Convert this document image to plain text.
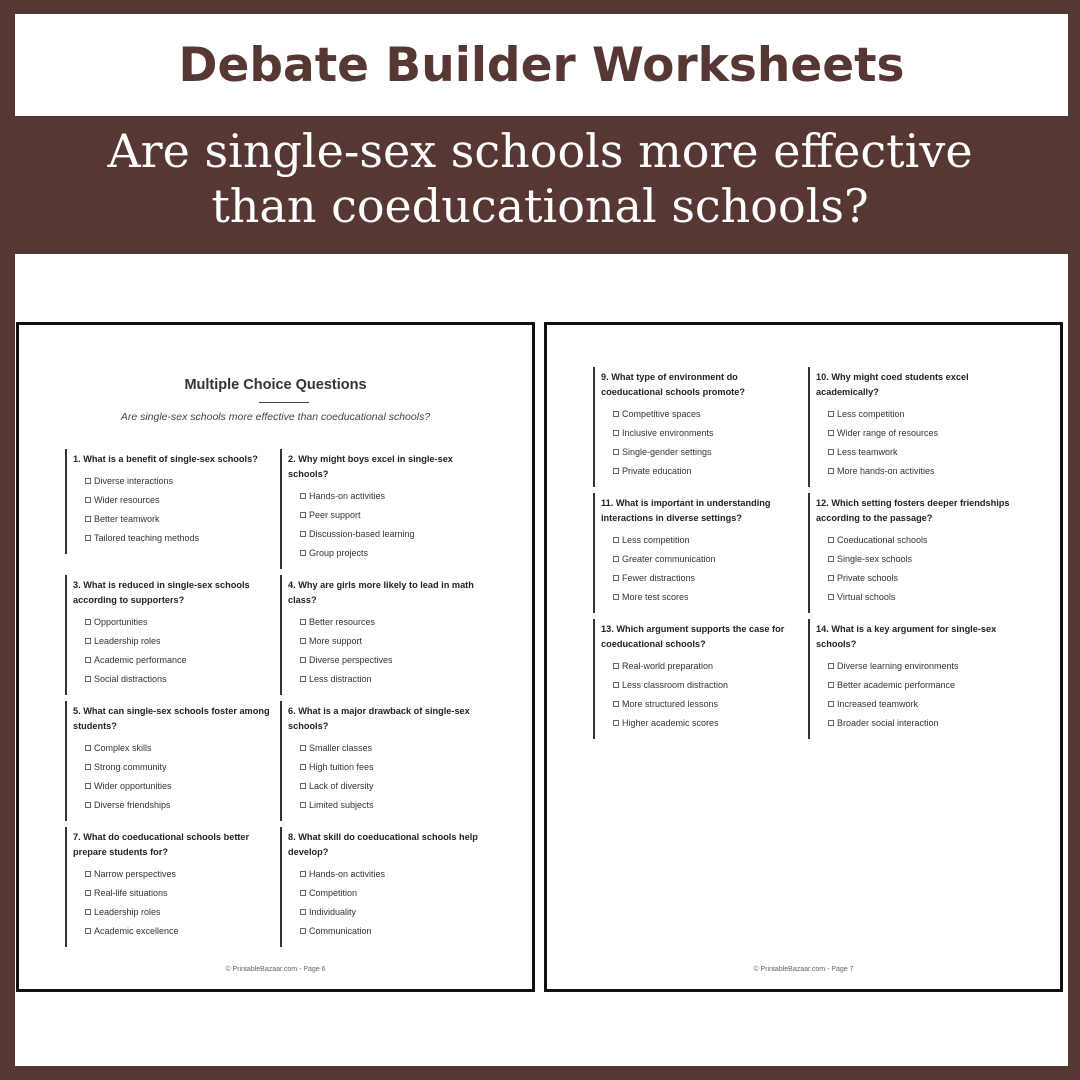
Debate Builder Worksheets
Are single-sex schools more effective
than coeducational schools?
Multiple Choice Questions
Are single-sex schools more effective than coeducational schools?
1. What is a benefit of single-sex schools?
Diverse interactions
Wider resources
Better teamwork
Tailored teaching methods
2. Why might boys excel in single-sex schools?
Hands-on activities
Peer support
Discussion-based learning
Group projects
3. What is reduced in single-sex schools according to supporters?
Opportunities
Leadership roles
Academic performance
Social distractions
4. Why are girls more likely to lead in math class?
Better resources
More support
Diverse perspectives
Less distraction
5. What can single-sex schools foster among students?
Complex skills
Strong community
Wider opportunities
Diverse friendships
6. What is a major drawback of single-sex schools?
Smaller classes
High tuition fees
Lack of diversity
Limited subjects
7. What do coeducational schools better prepare students for?
Narrow perspectives
Real-life situations
Leadership roles
Academic excellence
8. What skill do coeducational schools help develop?
Hands-on activities
Competition
Individuality
Communication
© PrintableBazaar.com - Page 6
9. What type of environment do coeducational schools promote?
Competitive spaces
Inclusive environments
Single-gender settings
Private education
10. Why might coed students excel academically?
Less competition
Wider range of resources
Less teamwork
More hands-on activities
11. What is important in understanding interactions in diverse settings?
Less competition
Greater communication
Fewer distractions
More test scores
12. Which setting fosters deeper friendships according to the passage?
Coeducational schools
Single-sex schools
Private schools
Virtual schools
13. Which argument supports the case for coeducational schools?
Real-world preparation
Less classroom distraction
More structured lessons
Higher academic scores
14. What is a key argument for single-sex schools?
Diverse learning environments
Better academic performance
Increased teamwork
Broader social interaction
© PrintableBazaar.com - Page 7
